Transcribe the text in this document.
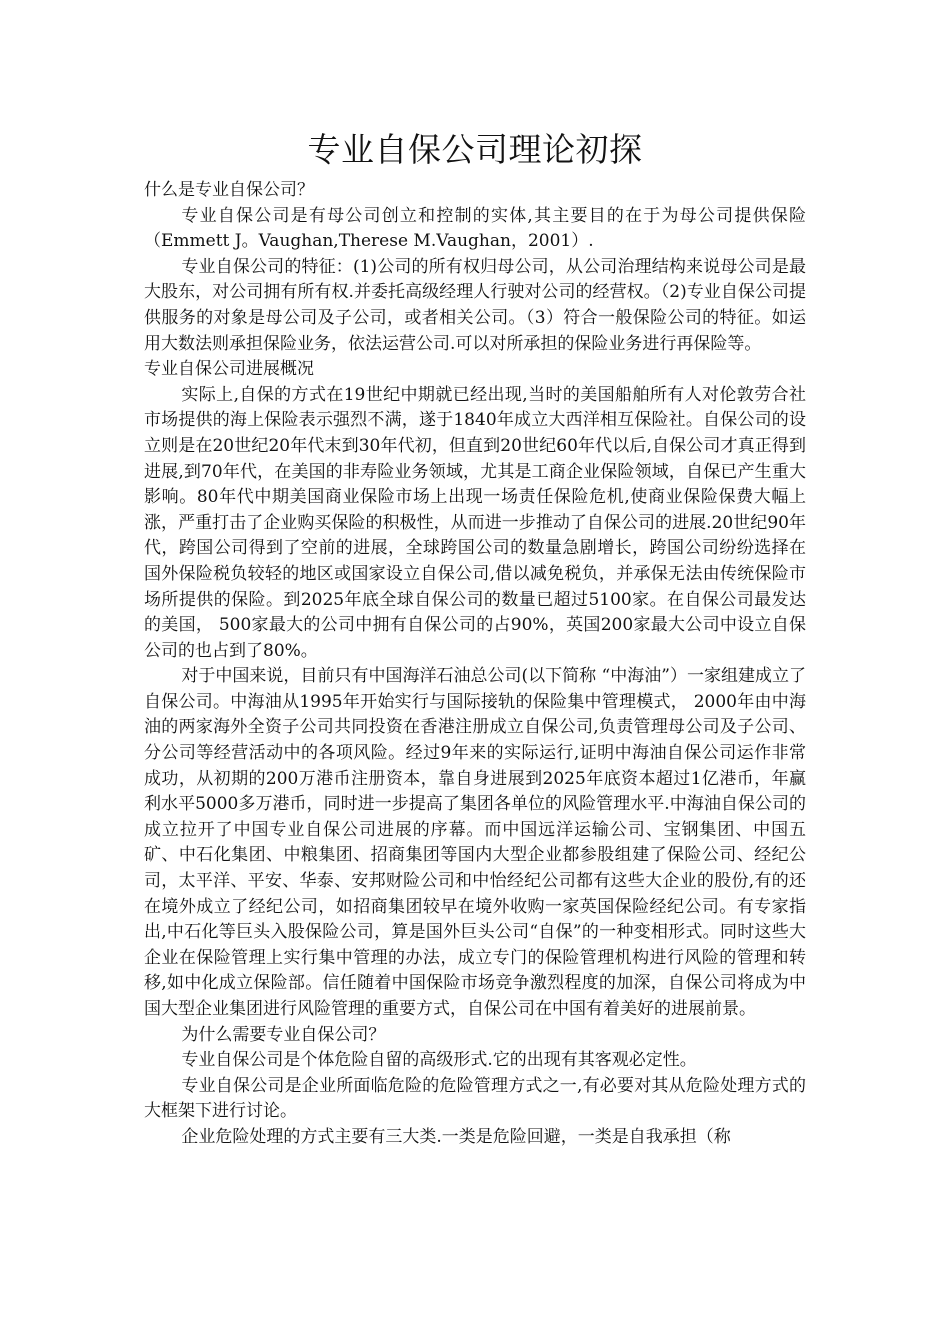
专业自保公司理论初探

什么是专业自保公司？

专业自保公司是有母公司创立和控制的实体,其主要目的在于为母公司提供保险（Emmett J。Vaughan,Therese M.Vaughan，2001）.

专业自保公司的特征：(1)公司的所有权归母公司，从公司治理结构来说母公司是最大股东，对公司拥有所有权.并委托高级经理人行驶对公司的经营权。（2)专业自保公司提供服务的对象是母公司及子公司，或者相关公司。（3）符合一般保险公司的特征。如运用大数法则承担保险业务，依法运营公司.可以对所承担的保险业务进行再保险等。

专业自保公司进展概况

实际上,自保的方式在19世纪中期就已经出现,当时的美国船舶所有人对伦敦劳合社市场提供的海上保险表示强烈不满，遂于1840年成立大西洋相互保险社。自保公司的设立则是在20世纪20年代末到30年代初，但直到20世纪60年代以后,自保公司才真正得到进展,到70年代，在美国的非寿险业务领域，尤其是工商企业保险领域，自保已产生重大影响。80年代中期美国商业保险市场上出现一场责任保险危机,使商业保险保费大幅上涨，严重打击了企业购买保险的积极性，从而进一步推动了自保公司的进展.20世纪90年代，跨国公司得到了空前的进展，全球跨国公司的数量急剧增长，跨国公司纷纷选择在国外保险税负较轻的地区或国家设立自保公司,借以减免税负，并承保无法由传统保险市场所提供的保险。到2025年底全球自保公司的数量已超过5100家。在自保公司最发达的美国， 500家最大的公司中拥有自保公司的占90%，英国200家最大公司中设立自保公司的也占到了80%。

对于中国来说，目前只有中国海洋石油总公司(以下简称 “中海油”）一家组建成立了自保公司。中海油从1995年开始实行与国际接轨的保险集中管理模式， 2000年由中海油的两家海外全资子公司共同投资在香港注册成立自保公司,负责管理母公司及子公司、分公司等经营活动中的各项风险。经过9年来的实际运行,证明中海油自保公司运作非常成功，从初期的200万港币注册资本，靠自身进展到2025年底资本超过1亿港币，年赢利水平5000多万港币，同时进一步提高了集团各单位的风险管理水平.中海油自保公司的成立拉开了中国专业自保公司进展的序幕。而中国远洋运输公司、宝钢集团、中国五矿、中石化集团、中粮集团、招商集团等国内大型企业都参股组建了保险公司、经纪公司，太平洋、平安、华泰、安邦财险公司和中怡经纪公司都有这些大企业的股份,有的还在境外成立了经纪公司，如招商集团较早在境外收购一家英国保险经纪公司。有专家指出,中石化等巨头入股保险公司，算是国外巨头公司“自保”的一种变相形式。同时这些大企业在保险管理上实行集中管理的办法，成立专门的保险管理机构进行风险的管理和转移,如中化成立保险部。信任随着中国保险市场竞争激烈程度的加深，自保公司将成为中国大型企业集团进行风险管理的重要方式，自保公司在中国有着美好的进展前景。

为什么需要专业自保公司？

专业自保公司是个体危险自留的高级形式.它的出现有其客观必定性。

专业自保公司是企业所面临危险的危险管理方式之一,有必要对其从危险处理方式的大框架下进行讨论。

企业危险处理的方式主要有三大类.一类是危险回避，一类是自我承担（称
